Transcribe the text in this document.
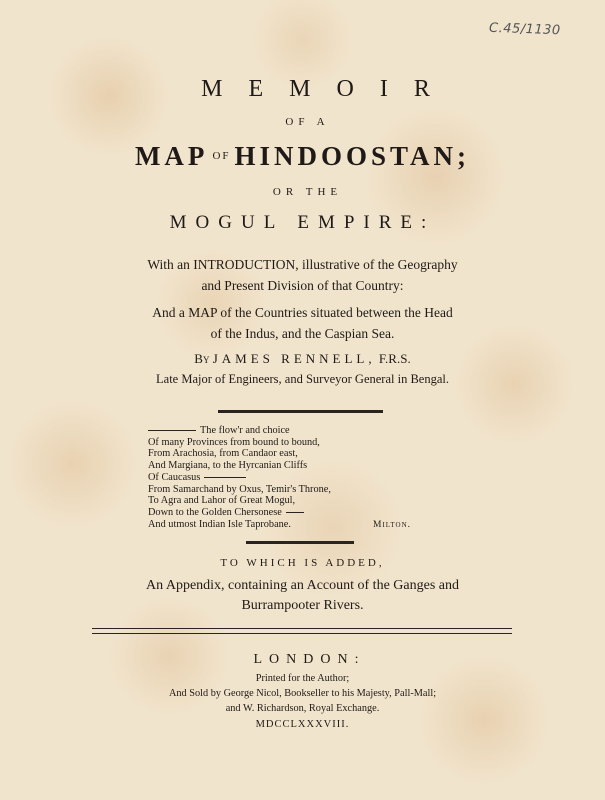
C.45/1130
MEMOIR
OF A
MAP $^{OF}$ HINDOOSTAN;
OR THE
MOGUL EMPIRE:
With an INTRODUCTION, illustrative of the Geography
and Present Division of that Country:
And a MAP of the Countries situated between the Head
of the Indus, and the Caspian Sea.
By JAMES RENNELL, F.R.S.
Late Major of Engineers, and Surveyor General in Bengal.
The flow'r and choice
Of many Provinces from bound to bound,
From Arachosia, from Candaor east,
And Margiana, to the Hyrcanian Cliffs
Of Caucasus
From Samarchand by Oxus, Temir's Throne,
To Agra and Lahor of Great Mogul,
Down to the Golden Chersonese
And utmost Indian Isle Taprobane.	Milton.
TO WHICH IS ADDED,
An Appendix, containing an Account of the Ganges and
Burrampooter Rivers.
LONDON:
Printed for the Author;
And Sold by George Nicol, Bookseller to his Majesty, Pall-Mall;
and W. Richardson, Royal Exchange.
MDCCLXXXVIII.
